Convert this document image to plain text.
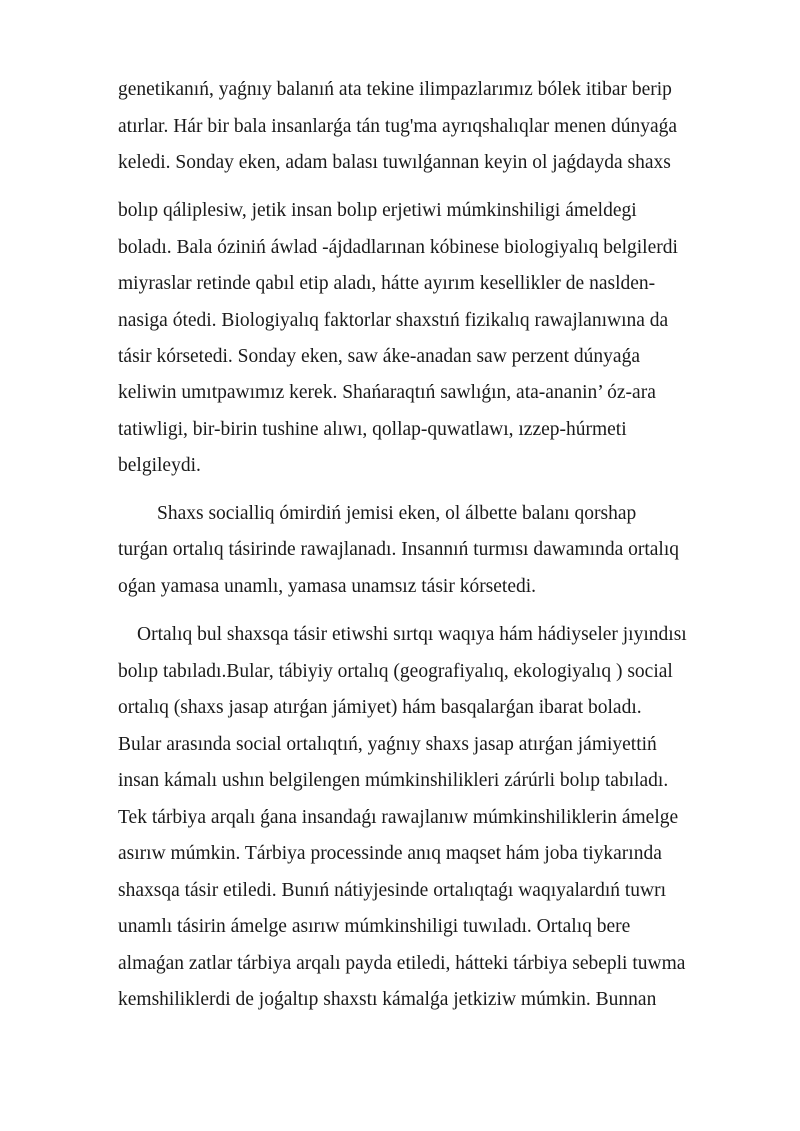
genetikanıń, yaǵnıy balanıń ata tekine ilimpazlarımız bólek itibar berip
atırlar. Hár bir bala insanlarǵa tán tug'ma ayrıqshalıqlar menen dúnyaǵa
keledi. Sonday eken, adam balası tuwılǵannan keyin ol jaǵdayda shaxs
bolıp qáliplesiw, jetik insan bolıp erjetiwi múmkinshiligi ámeldegi
boladı. Bala óziniń áwlad -ájdadlarınan kóbinese biologiyalıq belgilerdi
miyraslar retinde qabıl etip aladı, hátte ayırım kesellikler de naslden-
nasiga ótedi. Biologiyalıq faktorlar shaxstıń fizikalıq rawajlanıwına da
tásir kórsetedi. Sonday eken, saw áke-anadan saw perzent dúnyaǵa
keliwin umıtpawımız kerek. Shańaraqtıń sawlıǵın, ata-ananin’ óz-ara
tatiwligi, bir-birin tushine alıwı, qollap-quwatlawı, ızzep-húrmeti
belgileydi.
Shaxs socialliq ómirdiń jemisi eken, ol álbette balanı qorshap
turǵan ortalıq tásirinde rawajlanadı. Insannıń turmısı dawamında ortalıq
oǵan yamasa unamlı, yamasa unamsız tásir kórsetedi.
Ortalıq bul shaxsqa tásir etiwshi sırtqı waqıya hám hádiyseler jıyındısı
bolıp tabıladı.Bular, tábiyiy ortalıq (geografiyalıq, ekologiyalıq ) social
ortalıq (shaxs jasap atırǵan jámiyet) hám basqalarǵan ibarat boladı.
Bular arasında social ortalıqtıń, yaǵnıy shaxs jasap atırǵan jámiyettiń
insan kámalı ushın belgilengen múmkinshilikleri zárúrli bolıp tabıladı.
Tek tárbiya arqalı ǵana insandaǵı rawajlanıw múmkinshiliklerin ámelge
asırıw múmkin. Tárbiya processinde anıq maqset hám joba tiykarında
shaxsqa tásir etiledi. Bunıń nátiyjesinde ortalıqtaǵı waqıyalardıń tuwrı
unamlı tásirin ámelge asırıw múmkinshiligi tuwıladı. Ortalıq bere
almaǵan zatlar tárbiya arqalı payda etiledi, hátteki tárbiya sebepli tuwma
kemshiliklerdi de joǵaltıp shaxstı kámalǵa jetkiziw múmkin. Bunnan
